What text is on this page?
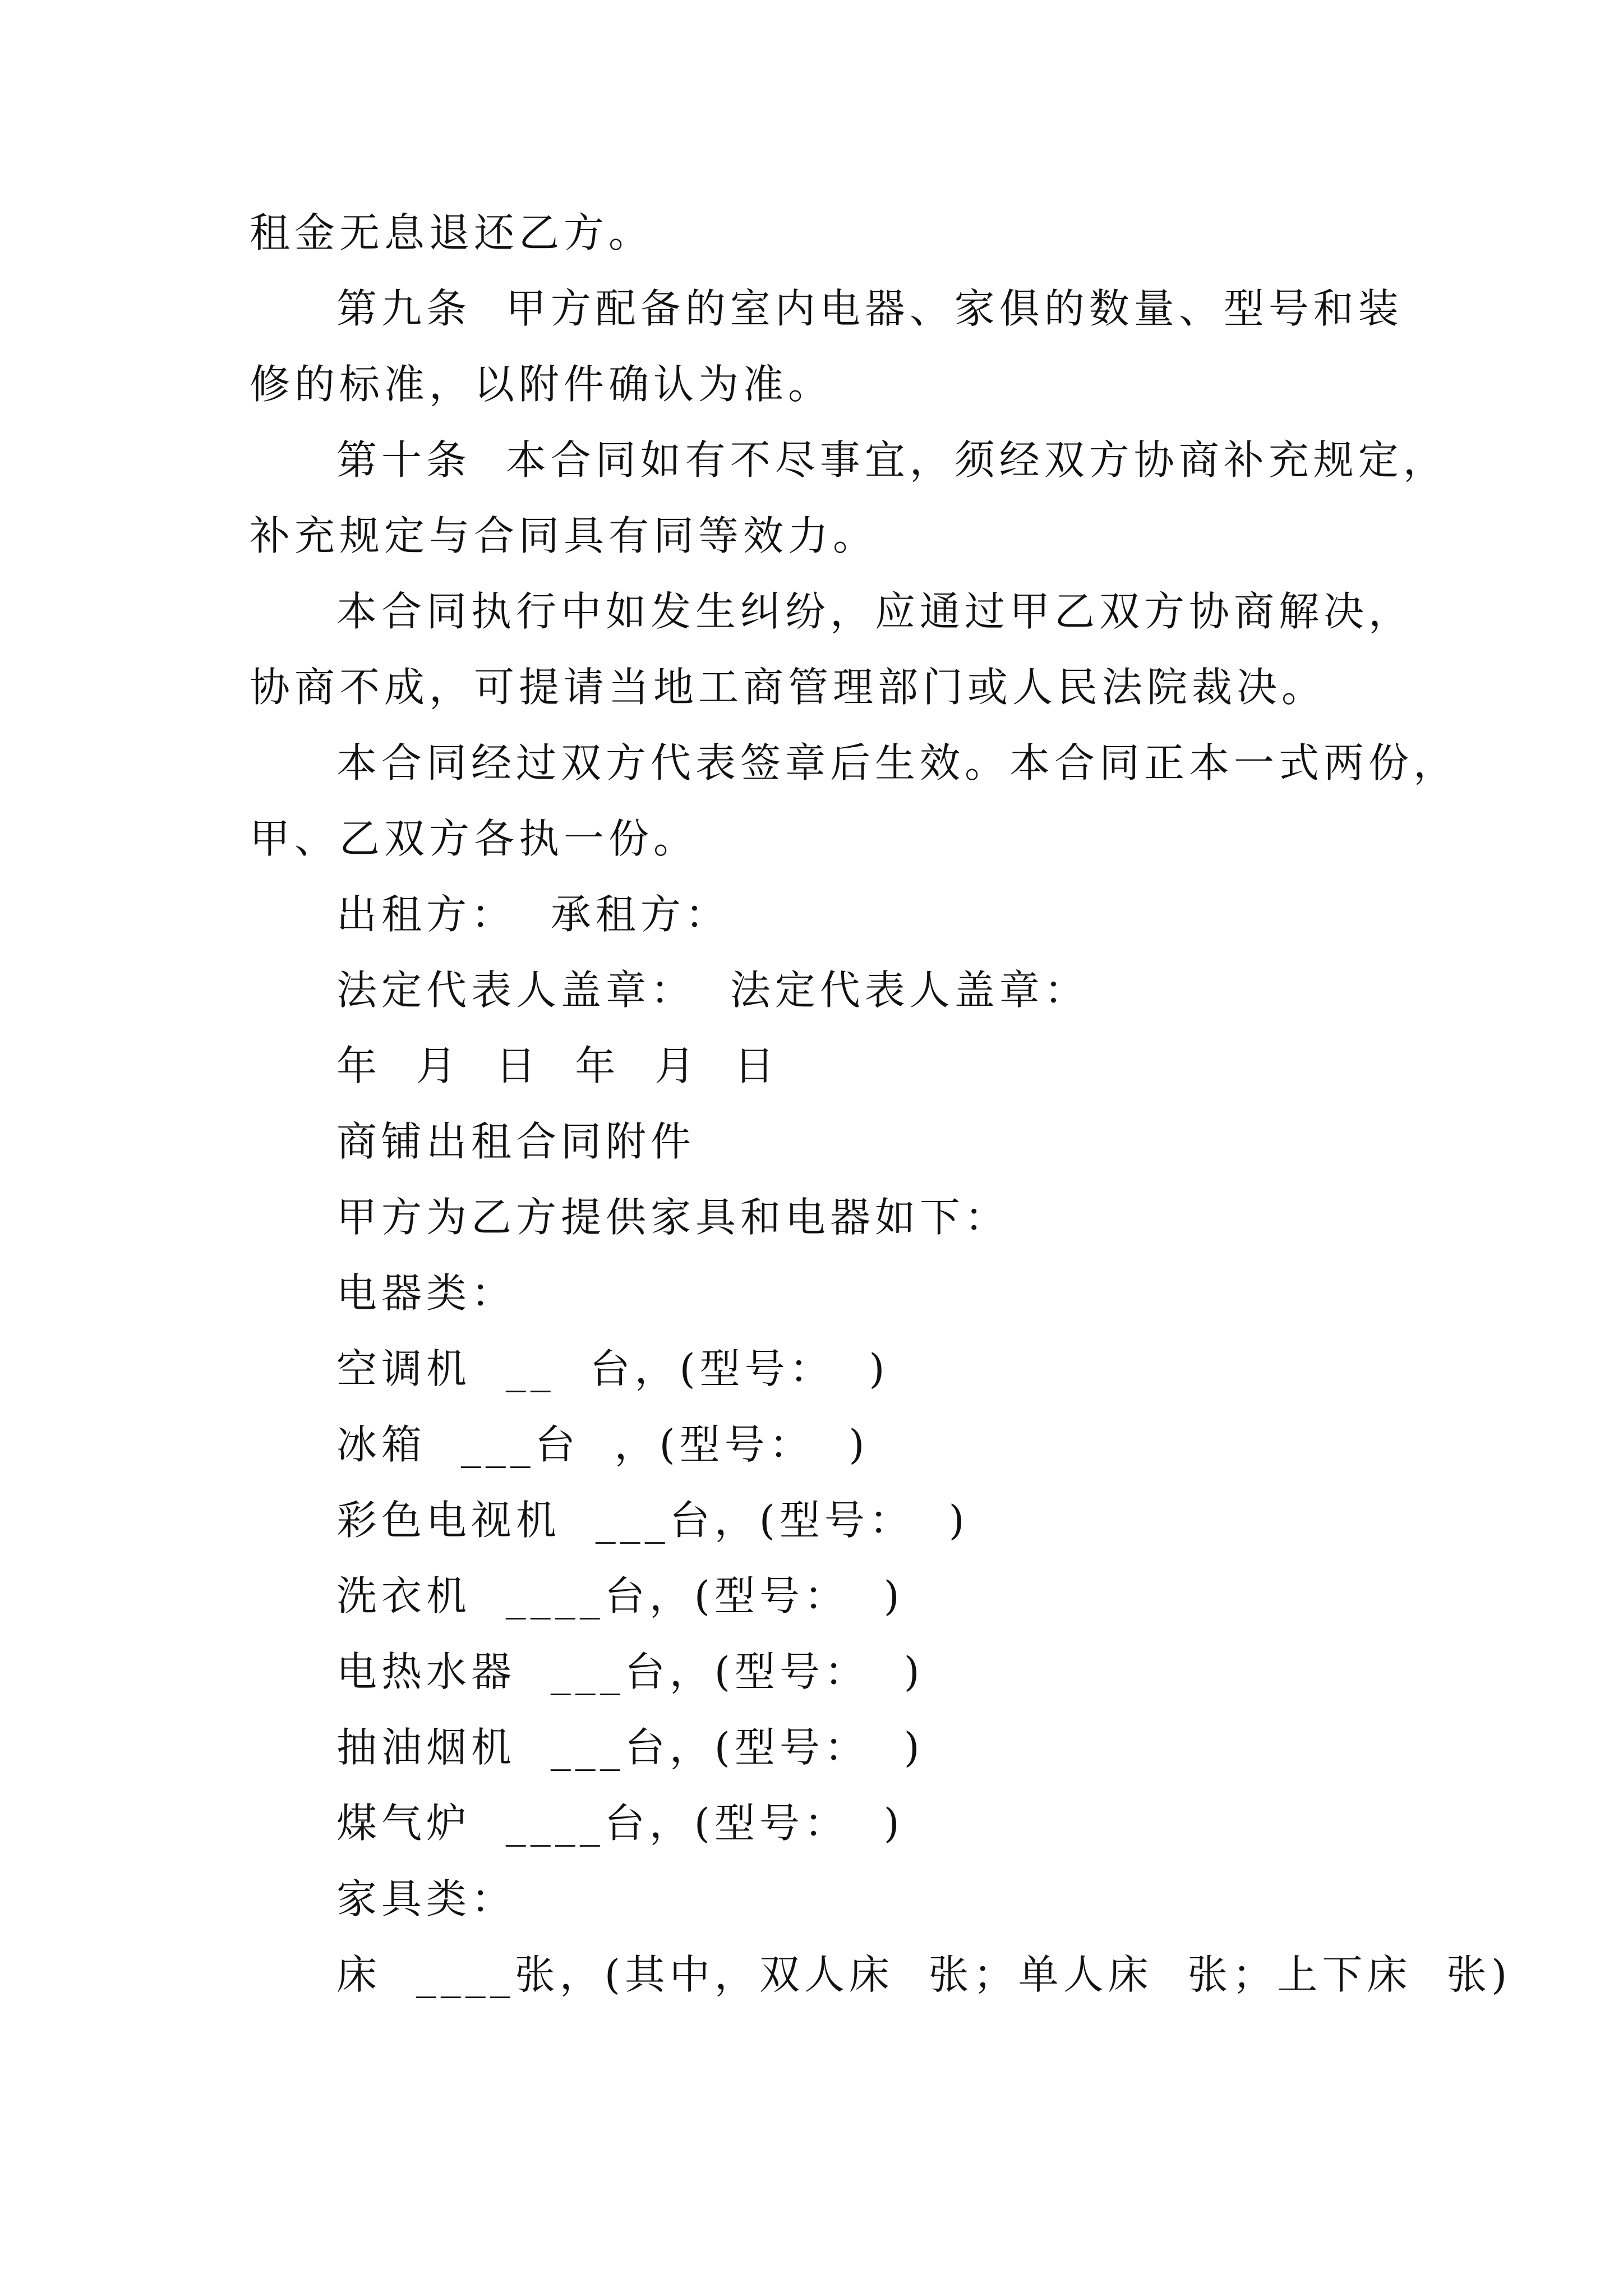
租金无息退还乙方。
第九条  甲方配备的室内电器、家俱的数量、型号和装
修的标准，以附件确认为准。
第十条  本合同如有不尽事宜，须经双方协商补充规定，
补充规定与合同具有同等效力。
本合同执行中如发生纠纷，应通过甲乙双方协商解决，
协商不成，可提请当地工商管理部门或人民法院裁决。
本合同经过双方代表签章后生效。本合同正本一式两份，
甲、乙双方各执一份。
出租方：  承租方：
法定代表人盖章：  法定代表人盖章：
年  月  日  年  月  日
商铺出租合同附件
甲方为乙方提供家具和电器如下：
电器类：
空调机  __  台，(型号：  )
冰箱  ___台  ，(型号：  )
彩色电视机  ___台，(型号：  )
洗衣机  ____台，(型号：  )
电热水器  ___台，(型号：  )
抽油烟机  ___台，(型号：  )
煤气炉  ____台，(型号：  )
家具类：
床  ____张，(其中，双人床  张；单人床  张；上下床  张)
